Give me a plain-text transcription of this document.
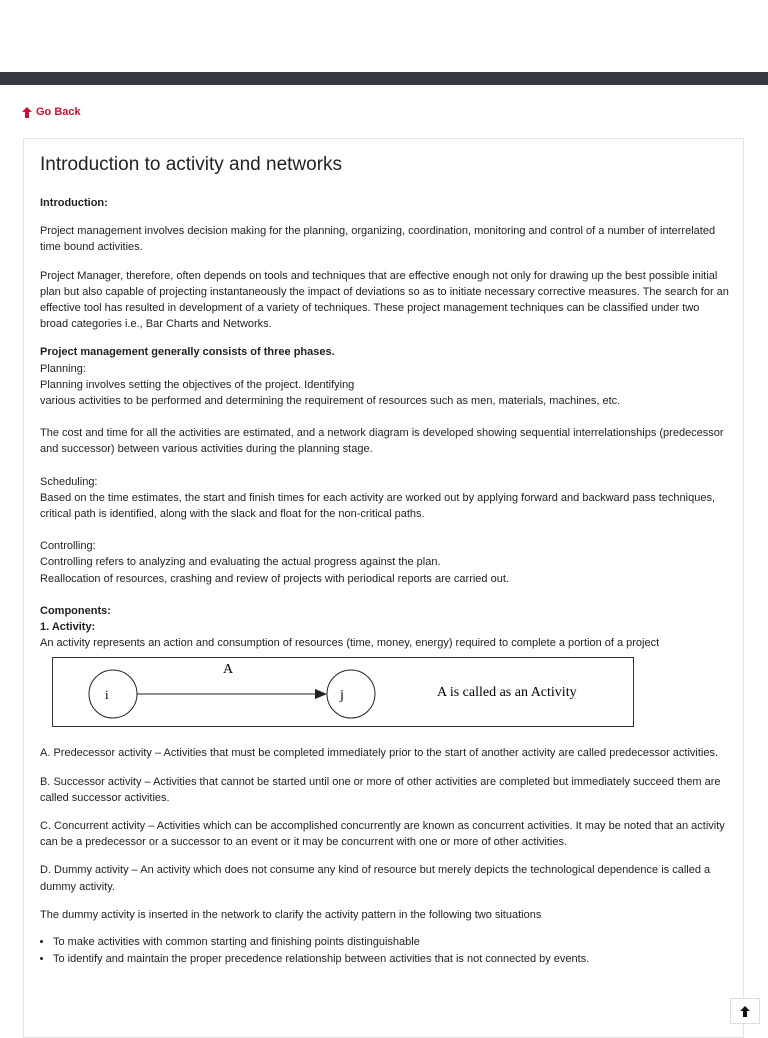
Go Back
Introduction to activity and networks

Introduction:

Project management involves decision making for the planning, organizing, coordination, monitoring and control of a number of interrelated time bound activities.

Project Manager, therefore, often depends on tools and techniques that are effective enough not only for drawing up the best possible initial plan but also capable of projecting instantaneously the impact of deviations so as to initiate necessary corrective measures. The search for an effective tool has resulted in development of a variety of techniques. These project management techniques can be classified under two broad categories i.e., Bar Charts and Networks.

Project management generally consists of three phases.

Planning:

Planning involves setting the objectives of the project. Identifying

various activities to be performed and determining the requirement of resources such as men, materials, machines, etc.

The cost and time for all the activities are estimated, and a network diagram is developed showing sequential interrelationships (predecessor and successor) between various activities during the planning stage.

Scheduling:

Based on the time estimates, the start and finish times for each activity are worked out by applying forward and backward pass techniques, critical path is identified, along with the slack and float for the non-critical paths.

Controlling:

Controlling refers to analyzing and evaluating the actual progress against the plan.

Reallocation of resources, crashing and review of projects with periodical reports are carried out.

Components:

1. Activity:

An activity represents an action and consumption of resources (time, money, energy) required to complete a portion of a project

i
A
j	A is called as an Activity

A. Predecessor activity – Activities that must be completed immediately prior to the start of another activity are called predecessor activities.

B. Successor activity – Activities that cannot be started until one or more of other activities are completed but immediately succeed them are called successor activities.

C. Concurrent activity – Activities which can be accomplished concurrently are known as concurrent activities. It may be noted that an activity can be a predecessor or a successor to an event or it may be concurrent with one or more of other activities.

D. Dummy activity – An activity which does not consume any kind of resource but merely depicts the technological dependence is called a dummy activity.

The dummy activity is inserted in the network to clarify the activity pattern in the following two situations

• To make activities with common starting and finishing points distinguishable
• To identify and maintain the proper precedence relationship between activities that is not connected by events.
